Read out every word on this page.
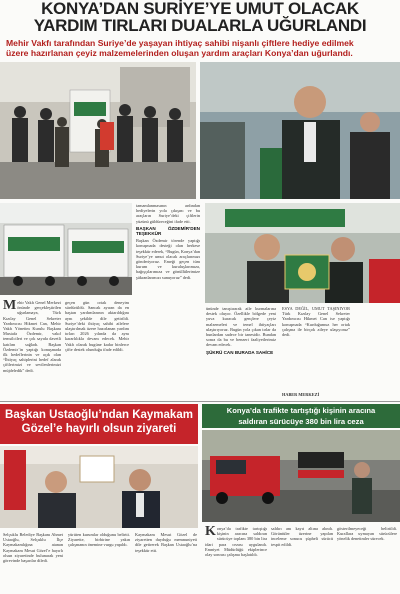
KONYA’DAN SURİYE’YE UMUT OLACAK
YARDIM TIRLARI DUALARLA UĞURLANDI
Mehir Vakfı tarafından Suriye’de yaşayan ihtiyaç sahibi nişanlı çiftlere hediye edilmek
üzere hazırlanan çeyiz malzemelerinden oluşan yardım araçları Konya’dan uğurlandı.
Mehir Vakfı Genel Merkezi önünde gerçekleştirilen uğurlamaya, Türk Kızılay Genel Sekreter Yardımcısı Hikmet Can, Mehir Vakfı Yönetim Kurulu Başkanı Mustafa Özdemir, vakıf temsilcileri ve çok sayıda davetli katılım sağladı. Başkan Özdemir’in yaptığı konuşmada ilk hedeflerinin ve açık olan “İhtiyaç sahiplerini hedef alarak çiftlerimizi ve sevilenlerimizi müjdeledik” dedi.
geçen gün ortak deneyim sürdürüldü. Sancak ayıran da en baştan yardımlarının aktarıldığını aynı şekilde dile getirildi. Suriye’deki ihtiyaç sahibi ailelere ulaştırılmak üzere hazırlanan yardım tırları 2026 yılında da aynı kararlılıkla devam edecek. Mehir Vakfı olarak bugüne kadar binlerce çifte destek olunduğu ifade edildi.
tamamlanmasının ardından hediyelerin yola çıkışını ve bu araçların Suriye’deki çiftlerin yüzünü güldüreceğini ifade etti.
BAŞKAN ÖZDEMİR’DEN TEŞEKKÜR
Başkan Özdemir törende yaptığı konuşmada desteği olan herkese teşekkür ederek, “Bugün, Konya’dan Suriye’ye umut olacak araçlarımızı gönderiyoruz. Emeği geçen tüm kurum ve kuruluşlarımıza, bağışçılarımıza ve gönüllülerimize şükranlarımızı sunuyoruz” dedi.
ününde tanıştırarak aile kurmalarına destek oluyor. Özellikle bölgede yeni yuva kuracak gençlere çeyiz malzemeleri ve temel ihtiyaçları ulaştırıyoruz. Bugün yola çıkan tırlar da bunlardan sadece bir tanesidir. Bundan sonra da bu ve benzeri faaliyetlerimiz devam edecek.
ŞÜKRÜ CAN BURADA SAHİCE
ESYA DEĞİL, UMUT TAŞINIYOR Türk Kızılay Genel Sekreter Yardımcısı Hikmet Can ise yaptığı konuşmada “Kurduğumuz her ortak çalışma ile birçok aileye ulaşıyoruz” dedi.
HABER MERKEZİ
Başkan Ustaoğlu’ndan Kaymakam
Gözel’e hayırlı olsun ziyareti
Selçuklu Belediye Başkanı Ahmet Ustaoğlu, Selçuklu İlçe Kaymakamlığına atanan Kaymakam Mesut Gözel’e hayırlı olsun ziyaretinde bulunarak yeni görevinde başarılar diledi.
yürüten kurumlar olduğunu belirtti. Ziyarette, birbirine yakın çalışmanın önemine vurgu yapıldı.
Kaymakam Mesut Gözel de ziyaretten duyduğu memnuniyeti dile getirerek Başkan Ustaoğlu’na teşekkür etti.
Konya’da trafikte tartıştığı kişinin aracına
saldıran sürücüye 380 bin lira ceza
Konya’da trafikte tartıştığı kişinin aracına saldıran sürücüye toplam 380 bin lira idari para cezası uygulandı. Emniyet Müdürlüğü ekiplerince olay sonrası çalışma başlatıldı.
saldırı anı kayıt altına alındı. Görüntüler üzerine yapılan inceleme sonucu şüpheli sürücü tespit edildi.
gösterilmeyeceği belirtildi. Kurallara uymayan sürücülere yönelik denetimler sürecek.
